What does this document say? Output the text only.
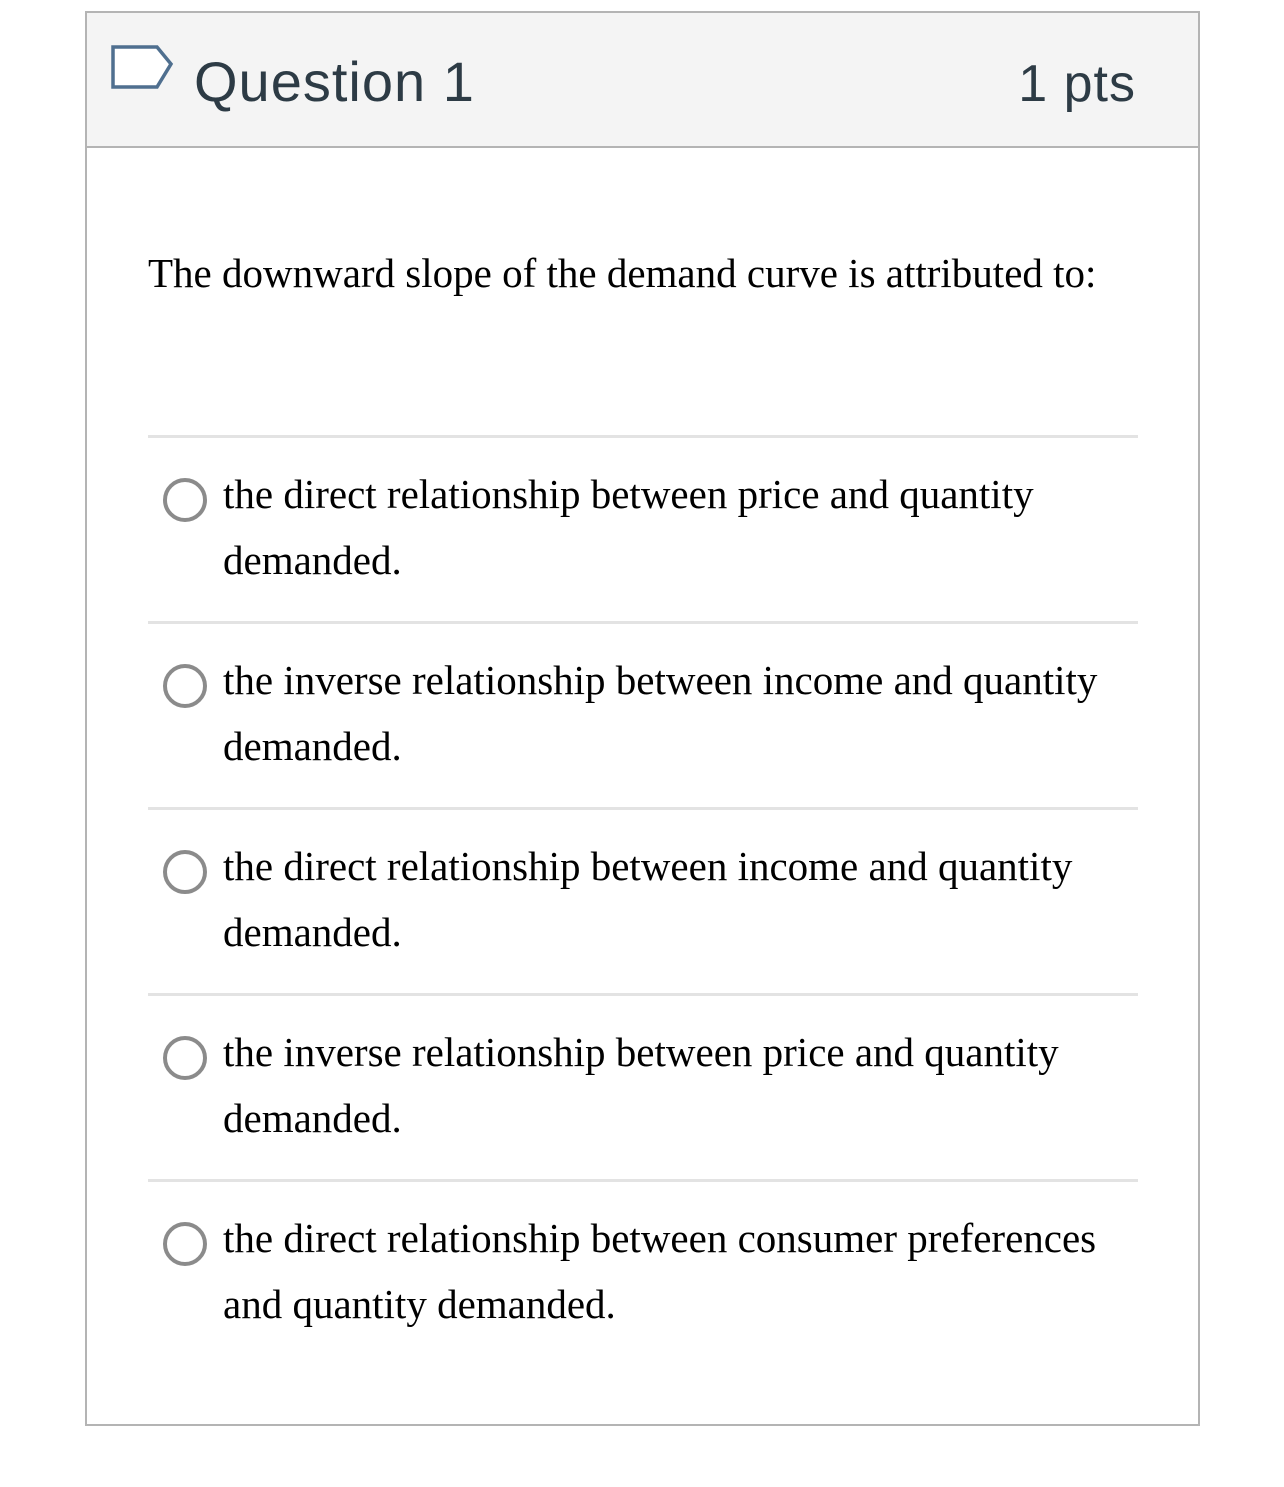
Question 1	1 pts

The downward slope of the demand curve is attributed to:

the direct relationship between price and quantity demanded.
the inverse relationship between income and quantity demanded.
the direct relationship between income and quantity demanded.
the inverse relationship between price and quantity demanded.
the direct relationship between consumer preferences and quantity demanded.
